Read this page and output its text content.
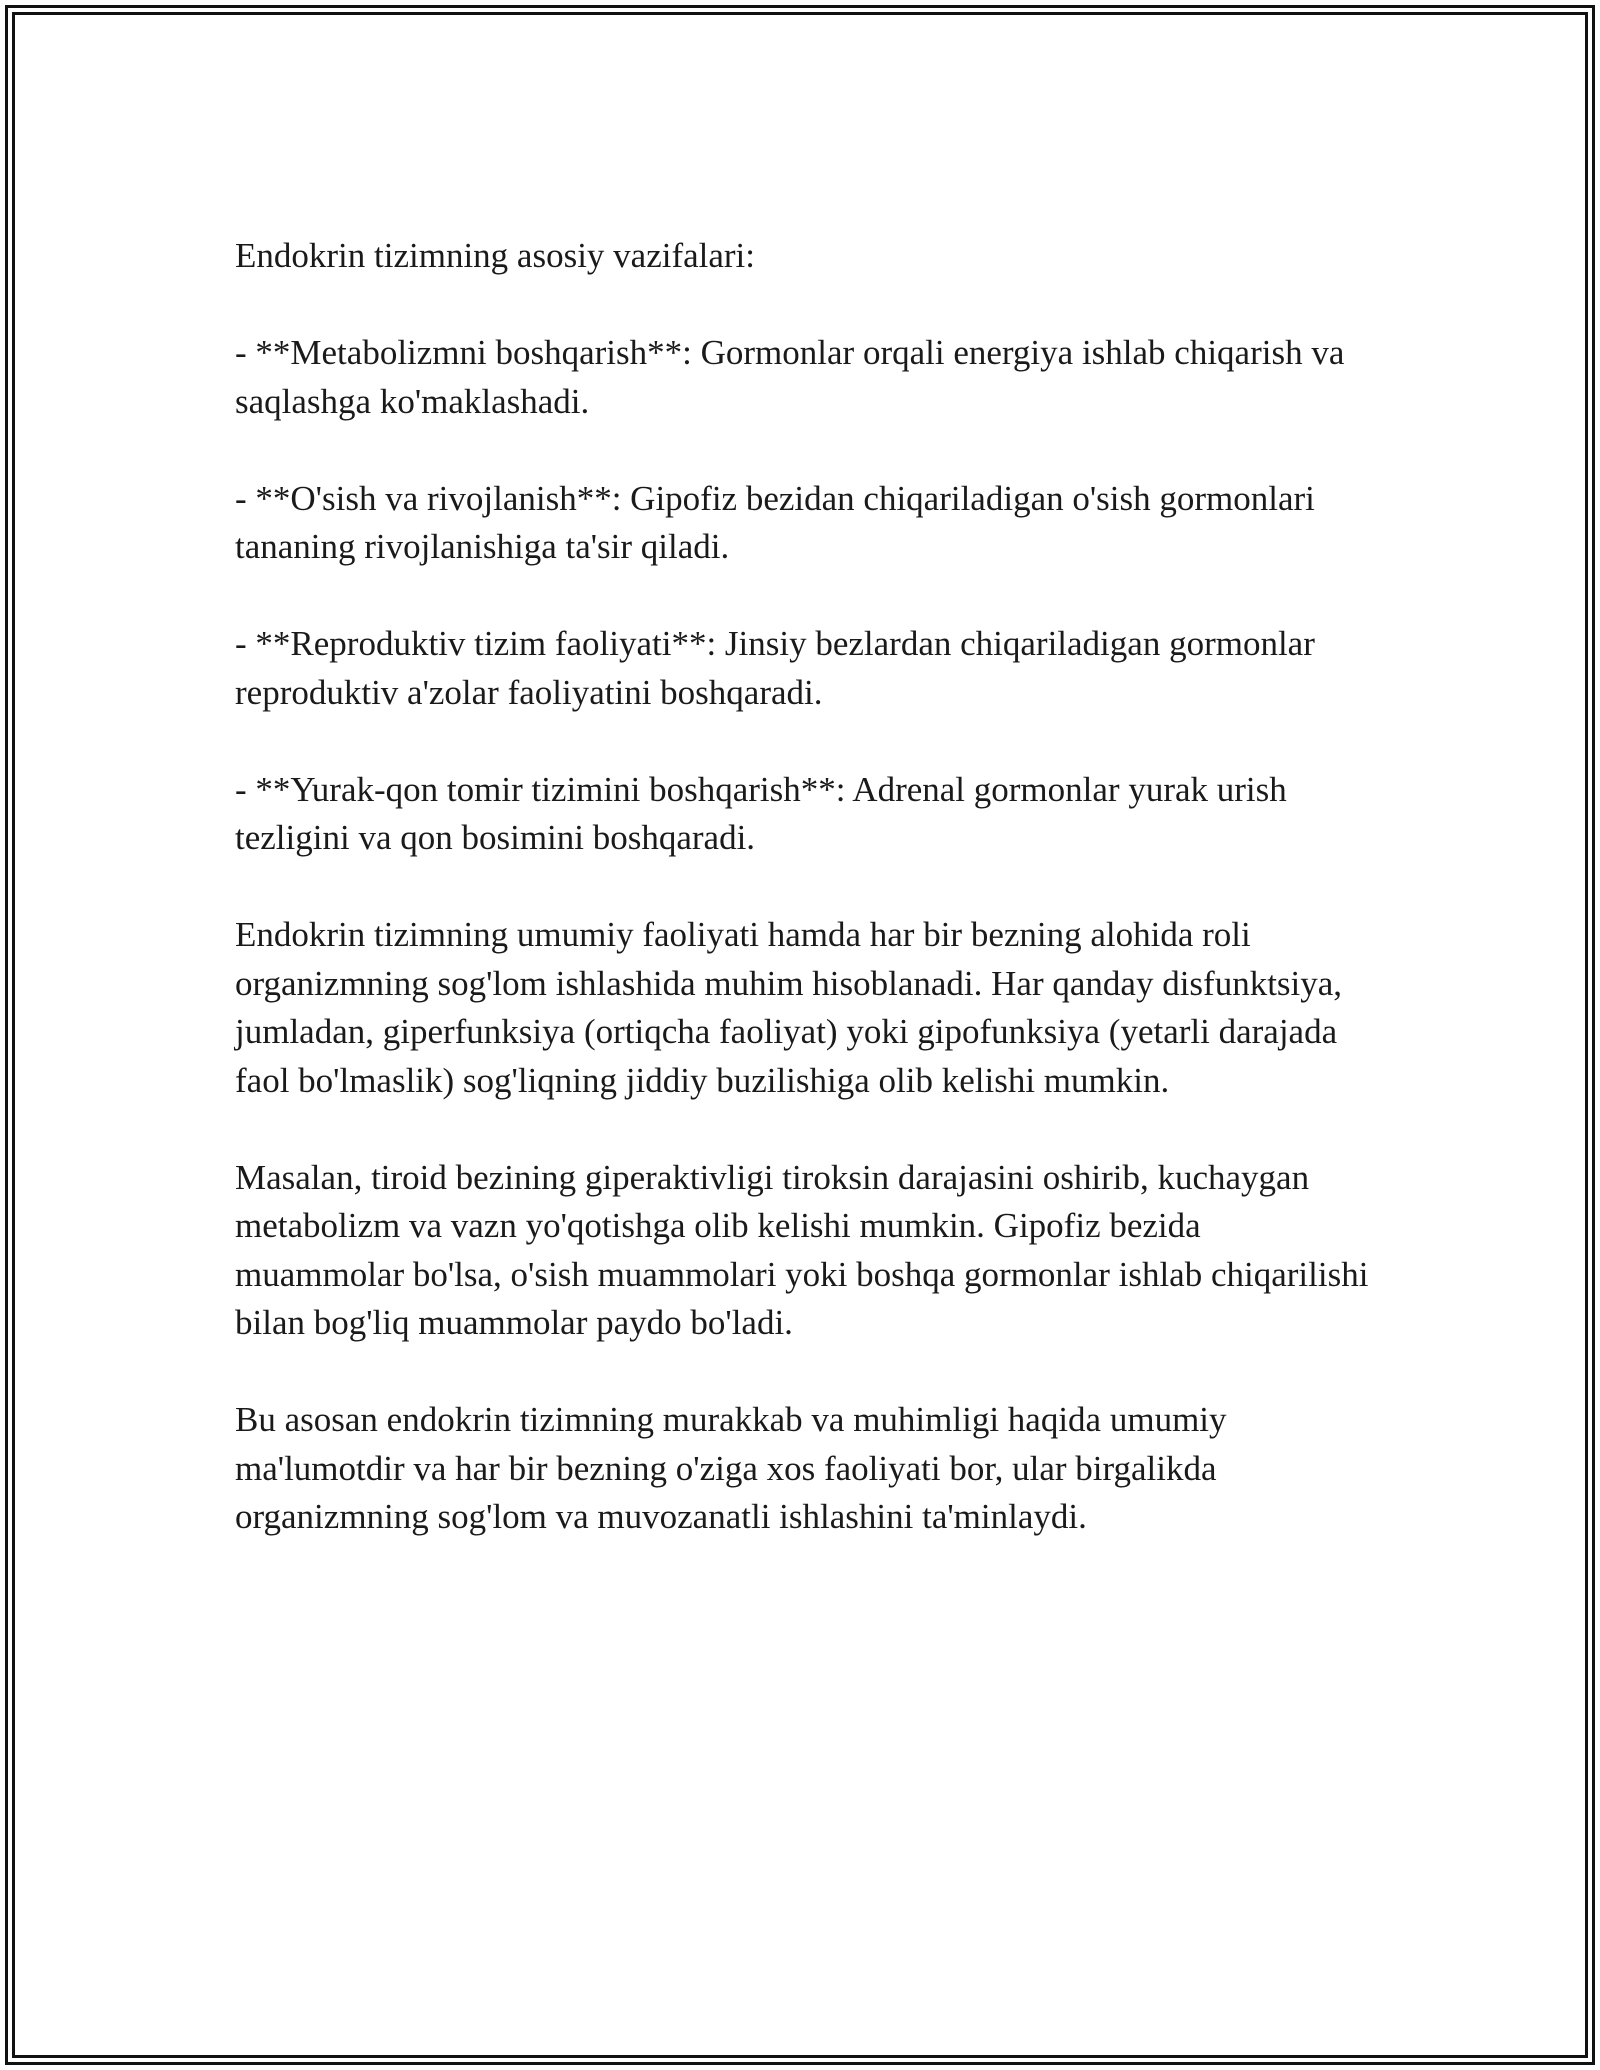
Endokrin tizimning asosiy vazifalari:

- **Metabolizmni boshqarish**: Gormonlar orqali energiya ishlab chiqarish va saqlashga ko'maklashadi.

- **O'sish va rivojlanish**: Gipofiz bezidan chiqariladigan o'sish gormonlari tananing rivojlanishiga ta'sir qiladi.

- **Reproduktiv tizim faoliyati**: Jinsiy bezlardan chiqariladigan gormonlar reproduktiv a'zolar faoliyatini boshqaradi.

- **Yurak-qon tomir tizimini boshqarish**: Adrenal gormonlar yurak urish tezligini va qon bosimini boshqaradi.

Endokrin tizimning umumiy faoliyati hamda har bir bezning alohida roli organizmning sog'lom ishlashida muhim hisoblanadi. Har qanday disfunktsiya, jumladan, giperfunksiya (ortiqcha faoliyat) yoki gipofunksiya (yetarli darajada faol bo'lmaslik) sog'liqning jiddiy buzilishiga olib kelishi mumkin.

Masalan, tiroid bezining giperaktivligi tiroksin darajasini oshirib, kuchaygan metabolizm va vazn yo'qotishga olib kelishi mumkin. Gipofiz bezida muammolar bo'lsa, o'sish muammolari yoki boshqa gormonlar ishlab chiqarilishi bilan bog'liq muammolar paydo bo'ladi.

Bu asosan endokrin tizimning murakkab va muhimligi haqida umumiy ma'lumotdir va har bir bezning o'ziga xos faoliyati bor, ular birgalikda organizmning sog'lom va muvozanatli ishlashini ta'minlaydi.
